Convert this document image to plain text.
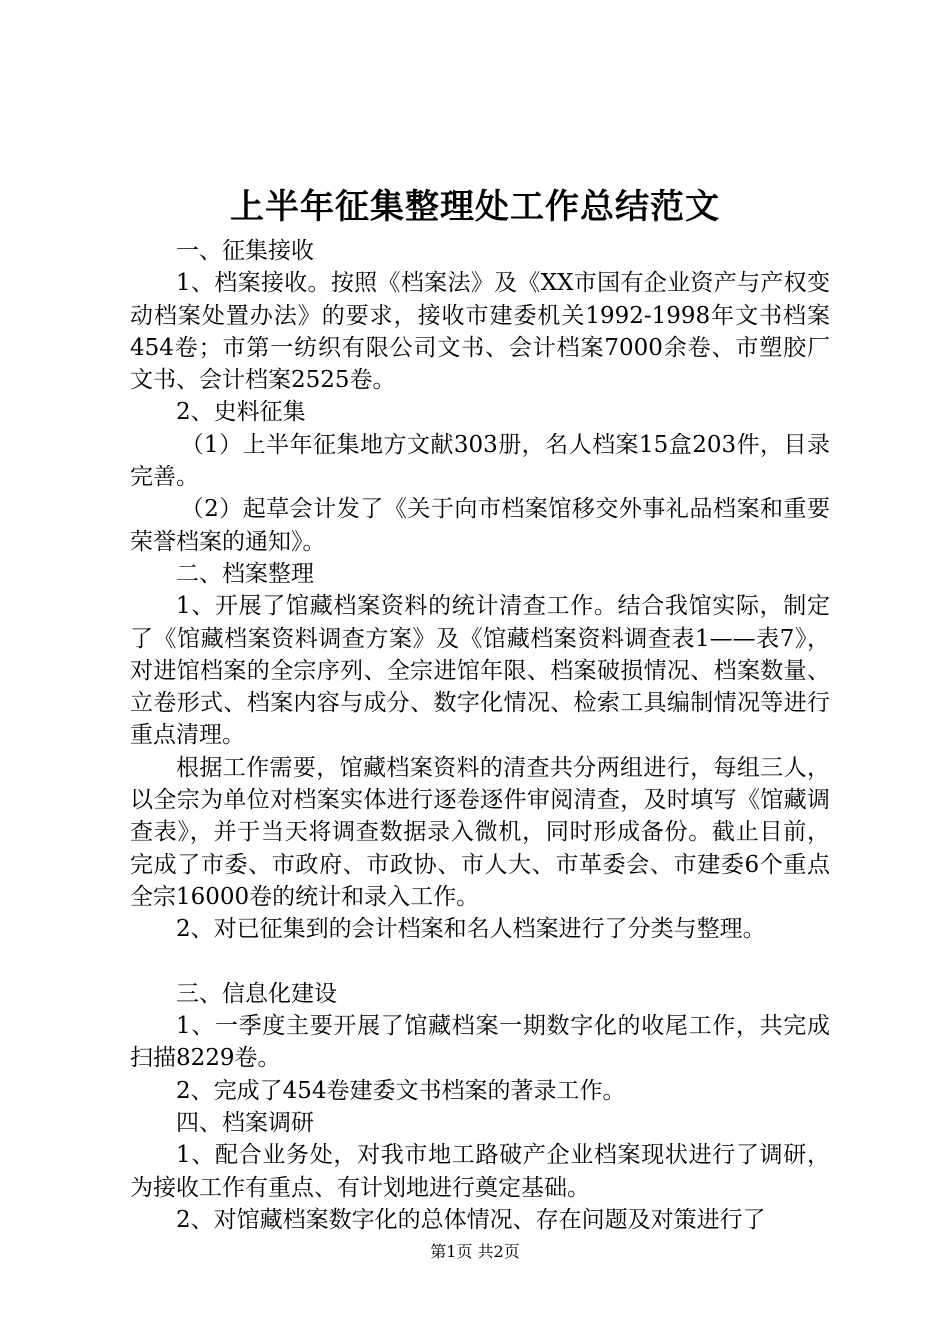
上半年征集整理处工作总结范文

一、征集接收

1、档案接收。按照《档案法》及《XX市国有企业资产与产权变动档案处置办法》的要求，接收市建委机关1992-1998年文书档案454卷；市第一纺织有限公司文书、会计档案7000余卷、市塑胶厂文书、会计档案2525卷。

2、史料征集

（1）上半年征集地方文献303册，名人档案15盒203件，目录完善。

（2）起草会计发了《关于向市档案馆移交外事礼品档案和重要荣誉档案的通知》。

二、档案整理

1、开展了馆藏档案资料的统计清查工作。结合我馆实际，制定了《馆藏档案资料调查方案》及《馆藏档案资料调查表1——表7》，对进馆档案的全宗序列、全宗进馆年限、档案破损情况、档案数量、立卷形式、档案内容与成分、数字化情况、检索工具编制情况等进行重点清理。

根据工作需要，馆藏档案资料的清查共分两组进行，每组三人，以全宗为单位对档案实体进行逐卷逐件审阅清查，及时填写《馆藏调查表》，并于当天将调查数据录入微机，同时形成备份。截止目前，完成了市委、市政府、市政协、市人大、市革委会、市建委6个重点全宗16000卷的统计和录入工作。

2、对已征集到的会计档案和名人档案进行了分类与整理。

三、信息化建设

1、一季度主要开展了馆藏档案一期数字化的收尾工作，共完成扫描8229卷。

2、完成了454卷建委文书档案的著录工作。

四、档案调研

1、配合业务处，对我市地工路破产企业档案现状进行了调研，为接收工作有重点、有计划地进行奠定基础。

2、对馆藏档案数字化的总体情况、存在问题及对策进行了

第1页 共2页
